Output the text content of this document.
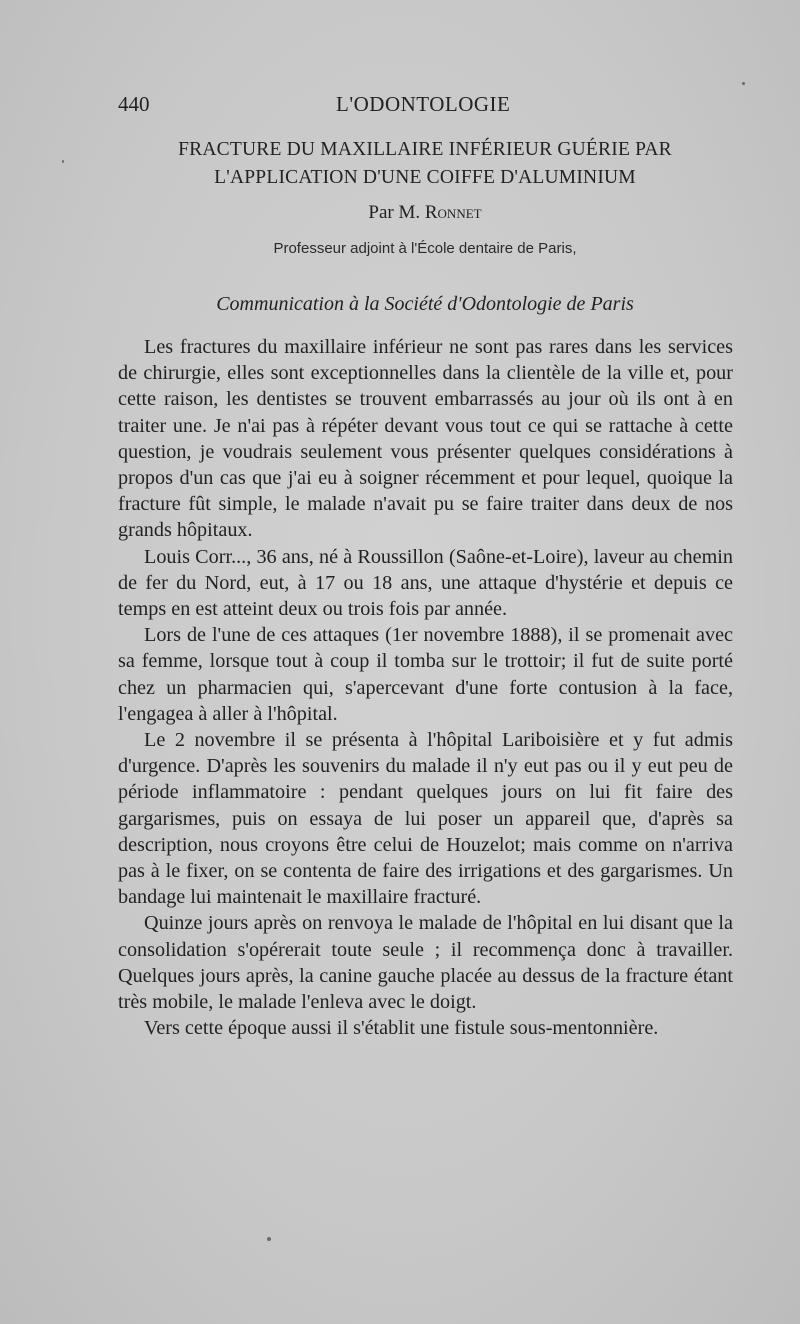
440	L'ODONTOLOGIE
FRACTURE DU MAXILLAIRE INFÉRIEUR GUÉRIE PAR
L'APPLICATION D'UNE COIFFE D'ALUMINIUM
Par M. Ronnet
Professeur adjoint à l'École dentaire de Paris,
Communication à la Société d'Odontologie de Paris

Les fractures du maxillaire inférieur ne sont pas rares dans les services de chirurgie, elles sont exceptionnelles dans la clientèle de la ville et, pour cette raison, les dentistes se trouvent embarrassés au jour où ils ont à en traiter une. Je n'ai pas à répéter devant vous tout ce qui se rattache à cette question, je voudrais seulement vous présenter quelques considérations à propos d'un cas que j'ai eu à soigner récemment et pour lequel, quoique la fracture fût simple, le malade n'avait pu se faire traiter dans deux de nos grands hôpitaux.

Louis Corr..., 36 ans, né à Roussillon (Saône-et-Loire), laveur au chemin de fer du Nord, eut, à 17 ou 18 ans, une attaque d'hystérie et depuis ce temps en est atteint deux ou trois fois par année.

Lors de l'une de ces attaques (1er novembre 1888), il se promenait avec sa femme, lorsque tout à coup il tomba sur le trottoir; il fut de suite porté chez un pharmacien qui, s'apercevant d'une forte contusion à la face, l'engagea à aller à l'hôpital.

Le 2 novembre il se présenta à l'hôpital Lariboisière et y fut admis d'urgence. D'après les souvenirs du malade il n'y eut pas ou il y eut peu de période inflammatoire : pendant quelques jours on lui fit faire des gargarismes, puis on essaya de lui poser un appareil que, d'après sa description, nous croyons être celui de Houzelot; mais comme on n'arriva pas à le fixer, on se contenta de faire des irrigations et des gargarismes. Un bandage lui maintenait le maxillaire fracturé.

Quinze jours après on renvoya le malade de l'hôpital en lui disant que la consolidation s'opérerait toute seule ; il recommença donc à travailler. Quelques jours après, la canine gauche placée au dessus de la fracture étant très mobile, le malade l'enleva avec le doigt.

Vers cette époque aussi il s'établit une fistule sous-mentonnière.
